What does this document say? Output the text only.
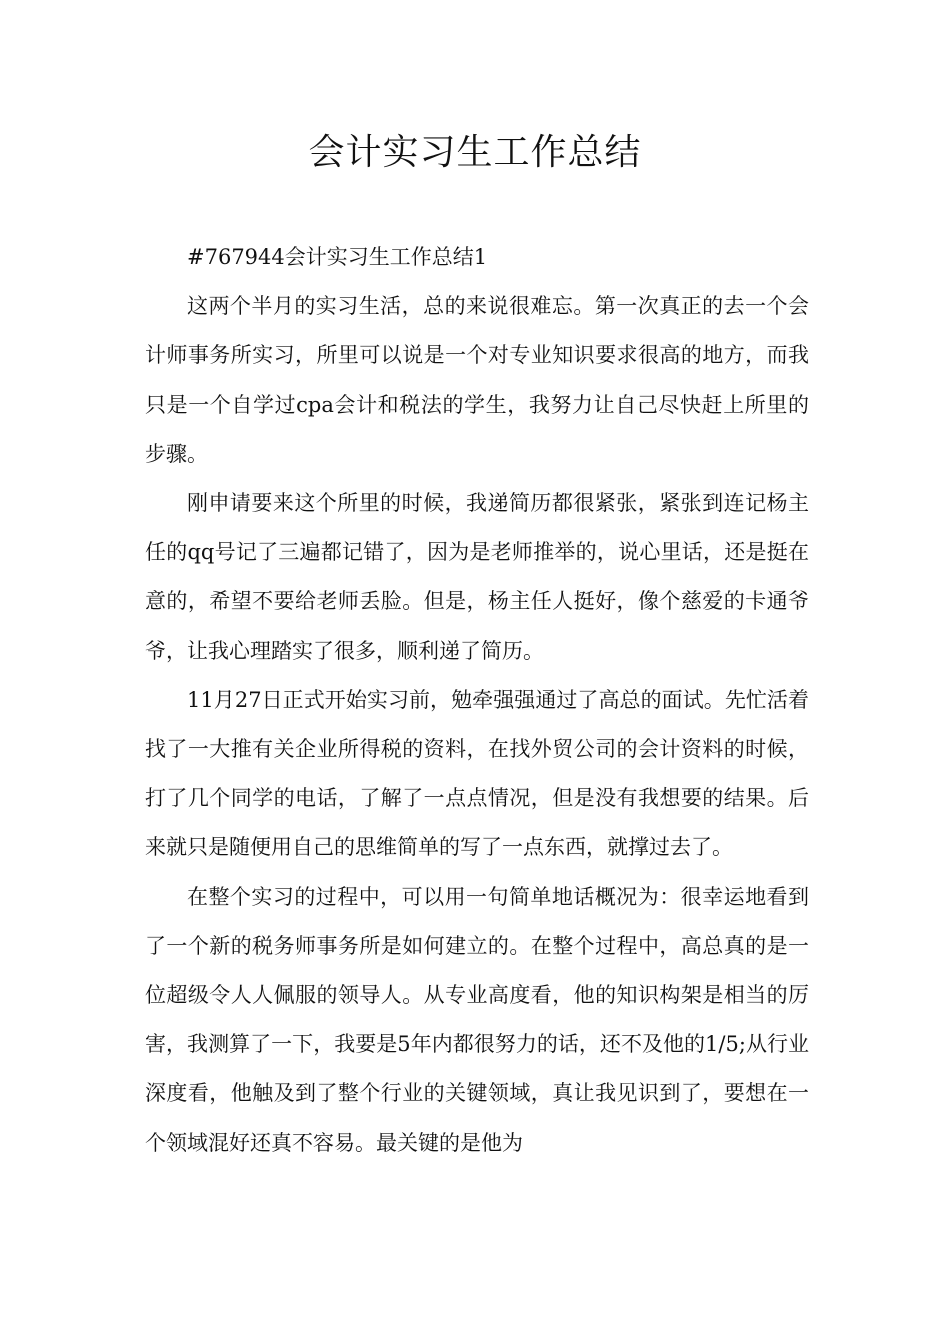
会计实习生工作总结

#767944会计实习生工作总结1

这两个半月的实习生活，总的来说很难忘。第一次真正的去一个会计师事务所实习，所里可以说是一个对专业知识要求很高的地方，而我只是一个自学过cpa会计和税法的学生，我努力让自己尽快赶上所里的步骤。

刚申请要来这个所里的时候，我递简历都很紧张，紧张到连记杨主任的qq号记了三遍都记错了，因为是老师推举的，说心里话，还是挺在意的，希望不要给老师丢脸。但是，杨主任人挺好，像个慈爱的卡通爷爷，让我心理踏实了很多，顺利递了简历。

11月27日正式开始实习前，勉牵强强通过了高总的面试。先忙活着找了一大推有关企业所得税的资料，在找外贸公司的会计资料的时候，打了几个同学的电话，了解了一点点情况，但是没有我想要的结果。后来就只是随便用自己的思维简单的写了一点东西，就撑过去了。

在整个实习的过程中，可以用一句简单地话概况为：很幸运地看到了一个新的税务师事务所是如何建立的。在整个过程中，高总真的是一位超级令人人佩服的领导人。从专业高度看，他的知识构架是相当的厉害，我测算了一下，我要是5年内都很努力的话，还不及他的1/5;从行业深度看，他触及到了整个行业的关键领域，真让我见识到了，要想在一个领域混好还真不容易。最关键的是他为
